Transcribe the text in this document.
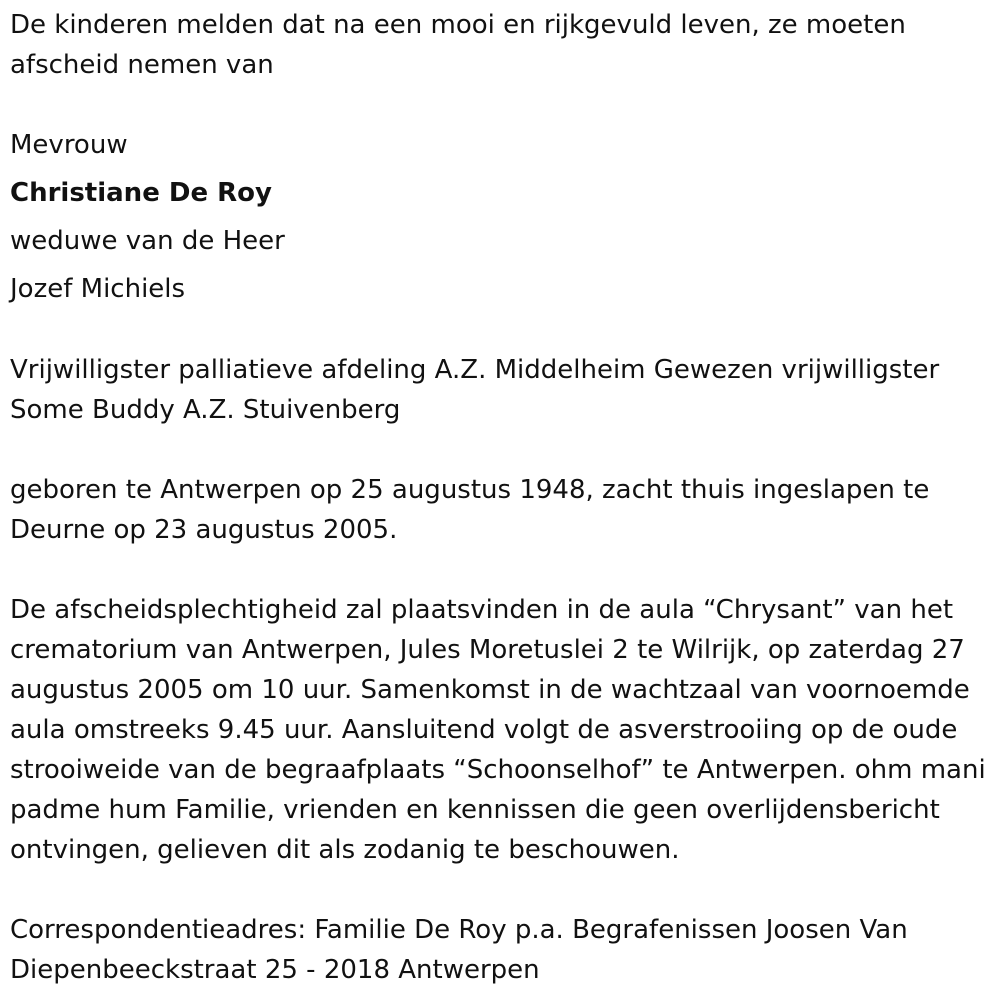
De kinderen melden dat na een mooi en rijkgevuld leven, ze moeten afscheid nemen van

Mevrouw

Christiane De Roy

weduwe van de Heer

Jozef Michiels

Vrijwilligster palliatieve afdeling A.Z. Middelheim Gewezen vrijwilligster Some Buddy A.Z. Stuivenberg

geboren te Antwerpen op 25 augustus 1948, zacht thuis ingeslapen te Deurne op 23 augustus 2005.

De afscheidsplechtigheid zal plaatsvinden in de aula “Chrysant” van het crematorium van Antwerpen, Jules Moretuslei 2 te Wilrijk, op zaterdag 27 augustus 2005 om 10 uur. Samenkomst in de wachtzaal van voornoemde aula omstreeks 9.45 uur. Aansluitend volgt de asverstrooiing op de oude strooiweide van de begraafplaats “Schoonselhof” te Antwerpen. ohm mani padme hum Familie, vrienden en kennissen die geen overlijdensbericht ontvingen, gelieven dit als zodanig te beschouwen.

Correspondentieadres: Familie De Roy p.a. Begrafenissen Joosen Van Diepenbeeckstraat 25 - 2018 Antwerpen
